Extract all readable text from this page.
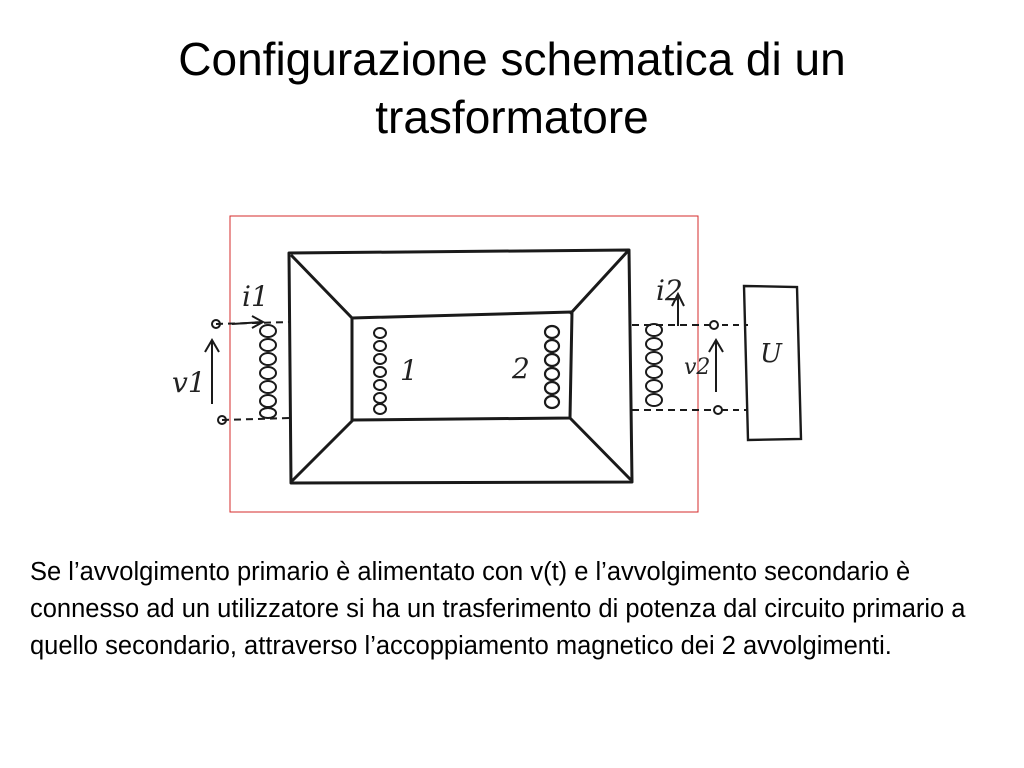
Configurazione schematica di un trasformatore
i1
v1	1	2
i2
v2 U
Se l’avvolgimento primario è alimentato con v(t) e l’avvolgimento secondario è connesso ad un utilizzatore si ha un trasferimento di potenza dal circuito primario a quello secondario, attraverso l’accoppiamento magnetico dei 2 avvolgimenti.
